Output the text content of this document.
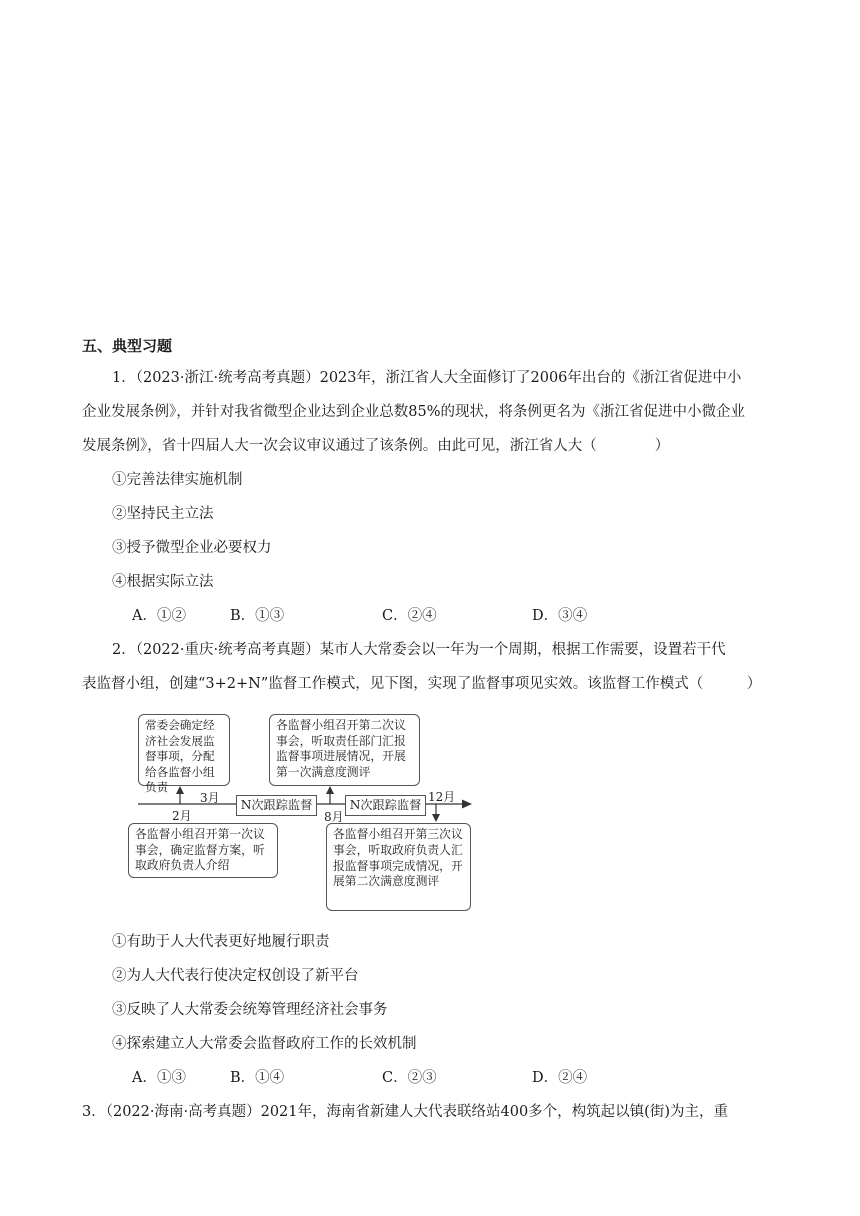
五、典型习题
1．（2023·浙江·统考高考真题）2023年，浙江省人大全面修订了2006年出台的《浙江省促进中小
企业发展条例》，并针对我省微型企业达到企业总数85%的现状，将条例更名为《浙江省促进中小微企业
发展条例》，省十四届人大一次会议审议通过了该条例。由此可见，浙江省人大（　　　　）
①完善法律实施机制
②坚持民主立法
③授予微型企业必要权力
④根据实际立法
A．①②	B．①③	C．②④	D．③④
2．（2022·重庆·统考高考真题）某市人大常委会以一年为一个周期，根据工作需要，设置若干代
表监督小组，创建“3+2+N”监督工作模式，见下图，实现了监督事项见实效。该监督工作模式（　　　）
常委会确定经济社会发展监督事项，分配给各监督小组负责
各监督小组召开第二次议事会，听取责任部门汇报监督事项进展情况，开展第一次满意度测评
各监督小组召开第一次议事会，确定监督方案，听取政府负责人介绍
各监督小组召开第三次议事会，听取政府负责人汇报监督事项完成情况，开展第二次满意度测评
N次跟踪监督	N次跟踪监督
3月
2月	8月
12月
①有助于人大代表更好地履行职责
②为人大代表行使决定权创设了新平台
③反映了人大常委会统筹管理经济社会事务
④探索建立人大常委会监督政府工作的长效机制
A．①③	B．①④	C．②③	D．②④
3．（2022·海南·高考真题）2021年，海南省新建人大代表联络站400多个，构筑起以镇(街)为主，重
